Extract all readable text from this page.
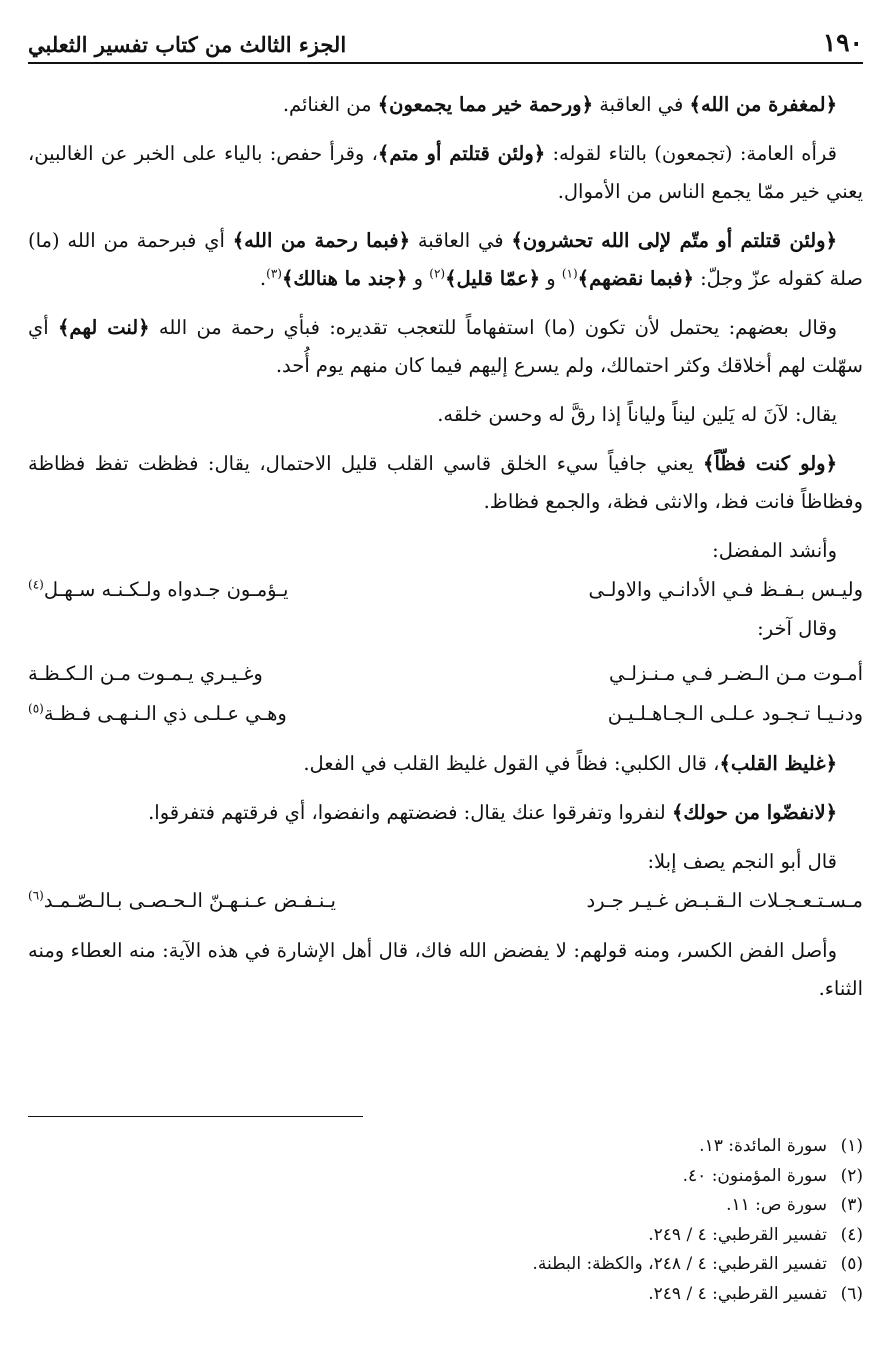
١٩٠
الجزء الثالث من كتاب تفسير الثعلبي

﴿لمغفرة من الله﴾ في العاقبة ﴿ورحمة خير مما يجمعون﴾ من الغنائم.

قرأه العامة: (تجمعون) بالتاء لقوله: ﴿ولئن قتلتم أو متم﴾، وقرأ حفص: بالياء على الخبر عن الغالبين، يعني خير ممّا يجمع الناس من الأموال.

﴿ولئن قتلتم أو متّم لإلى الله تحشرون﴾ في العاقبة ﴿فبما رحمة من الله﴾ أي فبرحمة من الله (ما) صلة كقوله عزّ وجلّ: ﴿فبما نقضهم﴾$^{(١)}$ و ﴿عمّا قليل﴾$^{(٢)}$ و ﴿جند ما هنالك﴾$^{(٣)}$.

وقال بعضهم: يحتمل لأن تكون (ما) استفهاماً للتعجب تقديره: فبأي رحمة من الله ﴿لنت لهم﴾ أي سهّلت لهم أخلاقك وكثر احتمالك، ولم يسرع إليهم فيما كان منهم يوم أُحد.

يقال: لآنَ له يَلين ليناً ولياناً إذا رقَّ له وحسن خلقه.

﴿ولو كنت فظّاً﴾ يعني جافياً سيء الخلق قاسي القلب قليل الاحتمال، يقال: فظظت تفظ فظاظة وفظاظاً فانت فظ، والانثى فظة، والجمع فظاظ.

وأنشد المفضل:

وليـس بـفـظ فـي الأدانـي والاولـى
يـؤمـون جـدواه ولـكـنـه سـهـل$^{(٤)}$

وقال آخر:

أمـوت مـن الـضـر فـي مـنـزلـي
وغـيـري يـمـوت مـن الـكـظـة
ودنـيـا تـجـود عـلـى الـجـاهـلـيـن
وهـي عـلـى ذي الـنـهـى فـظـة$^{(٥)}$

﴿غليظ القلب﴾، قال الكلبي: فظاً في القول غليظ القلب في الفعل.

﴿لانفضّوا من حولك﴾ لنفروا وتفرقوا عنك يقال: فضضتهم وانفضوا، أي فرقتهم فتفرقوا.

قال أبو النجم يصف إبلا:

مـسـتـعـجـلات الـقـبـض غـيـر جـرد
يـنـفـض عـنـهـنّ الـحـصـى بـالـصّـمـد$^{(٦)}$

وأصل الفض الكسر، ومنه قولهم: لا يفضض الله فاك، قال أهل الإشارة في هذه الآية: منه العطاء ومنه الثناء.

(١)سورة المائدة: ١٣.
(٢)سورة المؤمنون: ٤٠.
(٣)سورة ص: ١١.
(٤)تفسير القرطبي: ٤ / ٢٤٩.
(٥)تفسير القرطبي: ٤ / ٢٤٨، والكظة: البطنة.
(٦)تفسير القرطبي: ٤ / ٢٤٩.
